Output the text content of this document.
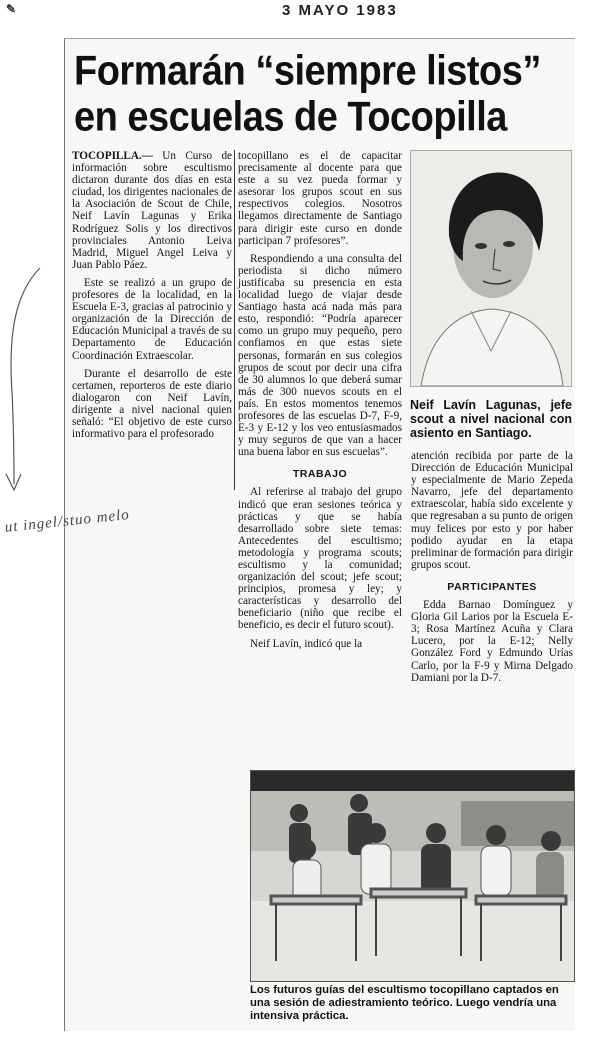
✎	3 MAYO 1983
Formarán “siempre listos” en escuelas de Tocopilla
ut ingel/stuo melo

TOCOPILLA.— Un Curso de información sobre escultismo dictaron durante dos días en esta ciudad, los dirigentes nacionales de la Asociación de Scout de Chile, Neif Lavín Lagunas y Erika Rodríguez Solis y los directivos provinciales Antonio Leiva Madrid, Miguel Angel Leiva y Juan Pablo Páez.

Este se realizó a un grupo de profesores de la localidad, en la Escuela E-3, gracias al patrocinio y organización de la Dirección de Educación Municipal a través de su Departamento de Educación Coordinación Extraescolar.

Durante el desarrollo de este certamen, reporteros de este diario dialogaron con Neif Lavín, dirigente a nivel nacional quien señaló: “El objetivo de este curso informativo para el profesorado

tocopillano es el de capacitar precisamente al docente para que este a su vez pueda formar y asesorar los grupos scout en sus respectivos colegios. Nosotros llegamos directamente de Santiago para dirigir este curso en donde participan 7 profesores”.

Respondiendo a una consulta del periodista si dicho número justificaba su presencia en esta localidad luego de viajar desde Santiago hasta acá nada más para esto, respondió: “Podría aparecer como un grupo muy pequeño, pero confiamos en que estas siete personas, formarán en sus colegios grupos de scout por decir una cifra de 30 alumnos lo que deberá sumar más de 300 nuevos scouts en el país. En estos momentos tenemos profesores de las escuelas D-7, F-9, E-3 y E-12 y los veo entusiasmados y muy seguros de que van a hacer una buena labor en sus escuelas”.

TRABAJO

Al referirse al trabajo del grupo indicó que eran sesiones teórica y prácticas y que se había desarrollado sobre siete temas: Antecedentes del escultismo; metodología y programa scouts; escultismo y la comunidad; organización del scout; jefe scout; principios, promesa y ley; y características y desarrollo del beneficiario (niño que recibe el beneficio, es decir el futuro scout).

Neif Lavín, indicó que la

Neif Lavín Lagunas, jefe scout a nivel nacional con asiento en Santiago.

atención recibida por parte de la Dirección de Educación Municipal y especialmente de Mario Zepeda Navarro, jefe del departamento extraescolar, había sido excelente y que regresaban a su punto de origen muy felices por esto y por haber podido ayudar en la etapa preliminar de formación para dirigir grupos scout.

PARTICIPANTES

Edda Barnao Domínguez y Gloria Gil Larios por la Escuela E-3; Rosa Martínez Acuña y Clara Lucero, por la E-12; Nelly González Ford y Edmundo Urías Carlo, por la F-9 y Mirna Delgado Damiani por la D-7.

Los futuros guías del escultismo tocopillano captados en una sesión de adiestramiento teórico. Luego vendría una intensiva práctica.
